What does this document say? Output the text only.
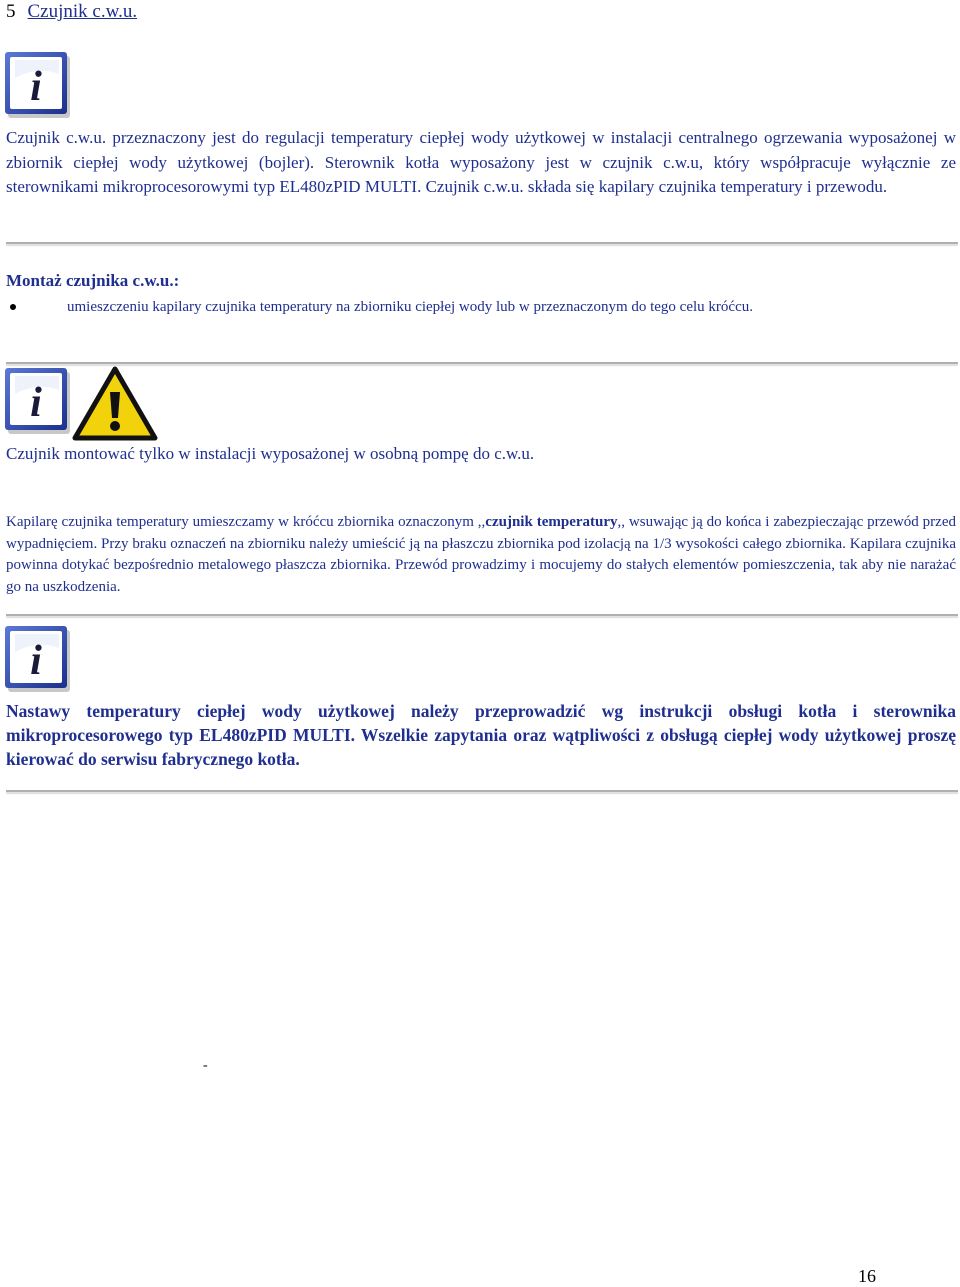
5 Czujnik c.w.u.
i
Czujnik c.w.u. przeznaczony jest do regulacji temperatury ciepłej wody użytkowej w instalacji centralnego ogrzewania wyposażonej w zbiornik ciepłej wody użytkowej (bojler). Sterownik kotła wyposażony jest w czujnik c.w.u, który współpracuje wyłącznie ze sterownikami mikroprocesorowymi typ EL480zPID MULTI. Czujnik c.w.u. składa się kapilary czujnika temperatury i przewodu.
Montaż czujnika c.w.u.:
umieszczeniu kapilary czujnika temperatury na zbiorniku ciepłej wody lub w przeznaczonym do tego celu króćcu.
i
Czujnik montować tylko w instalacji wyposażonej w osobną pompę do c.w.u.
Kapilarę czujnika temperatury umieszczamy w króćcu zbiornika oznaczonym ,,czujnik temperatury,, wsuwając ją do końca i zabezpieczając przewód przed wypadnięciem. Przy braku oznaczeń na zbiorniku należy umieścić ją na płaszczu zbiornika pod izolacją na 1/3 wysokości całego zbiornika. Kapilara czujnika powinna dotykać bezpośrednio metalowego płaszcza zbiornika. Przewód prowadzimy i mocujemy do stałych elementów pomieszczenia, tak aby nie narażać go na uszkodzenia.
i
Nastawy temperatury ciepłej wody użytkowej należy przeprowadzić wg instrukcji obsługi kotła i sterownika mikroprocesorowego typ EL480zPID MULTI. Wszelkie zapytania oraz wątpliwości z obsługą ciepłej wody użytkowej proszę kierować do serwisu fabrycznego kotła.
-
16
